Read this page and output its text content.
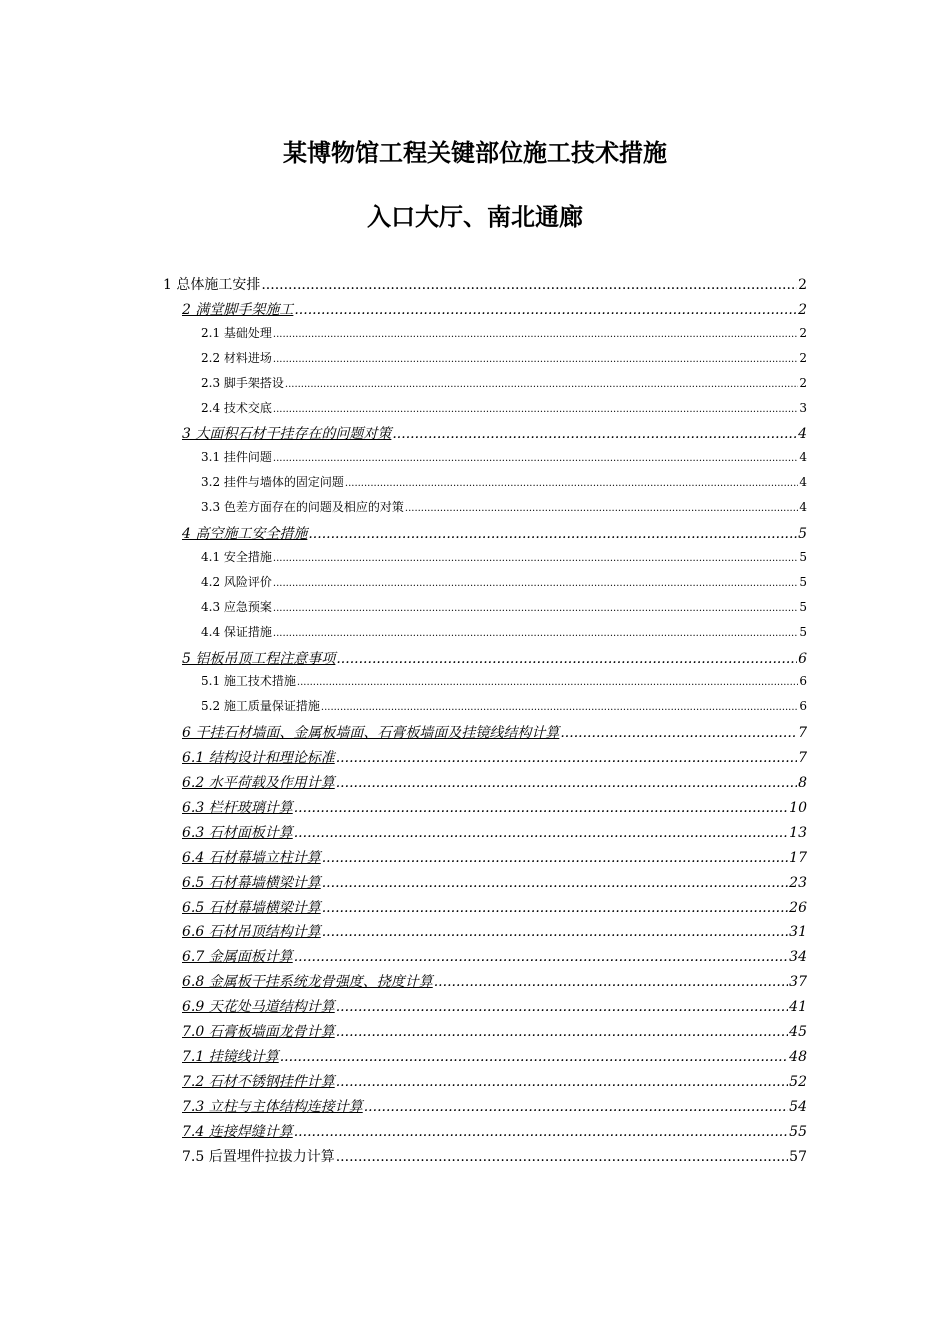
某博物馆工程关键部位施工技术措施
入口大厅、南北通廊
1 总体施工安排 .....	2
2 满堂脚手架施工 .....	2
2.1 基础处理 .....	2
2.2 材料进场 .....	2
2.3 脚手架搭设 .....	2
2.4 技术交底 .....	3
3 大面积石材干挂存在的问题对策 .....	4
3.1 挂件问题 .....	4
3.2 挂件与墙体的固定问题 .....	4
3.3 色差方面存在的问题及相应的对策 .....	4
4 高空施工安全措施 .....	5
4.1 安全措施 .....	5
4.2 风险评价 .....	5
4.3 应急预案 .....	5
4.4 保证措施 .....	5
5 铝板吊顶工程注意事项 .....	6
5.1 施工技术措施 .....	6
5.2 施工质量保证措施 .....	6
6 干挂石材墙面、金属板墙面、石膏板墙面及挂镜线结构计算 .....	7
6.1 结构设计和理论标准 .....	7
6.2 水平荷载及作用计算 .....	8
6.3 栏杆玻璃计算 .....	10
6.3 石材面板计算 .....	13
6.4 石材幕墙立柱计算 .....	17
6.5 石材幕墙横梁计算 .....	23
6.5 石材幕墙横梁计算 .....	26
6.6 石材吊顶结构计算 .....	31
6.7 金属面板计算 .....	34
6.8 金属板干挂系统龙骨强度、挠度计算 .....	37
6.9 天花处马道结构计算 .....	41
7.0 石膏板墙面龙骨计算 .....	45
7.1 挂镜线计算 .....	48
7.2 石材不锈钢挂件计算 .....	52
7.3 立柱与主体结构连接计算 .....	54
7.4 连接焊缝计算 .....	55
7.5 后置埋件拉拔力计算 .....	57
